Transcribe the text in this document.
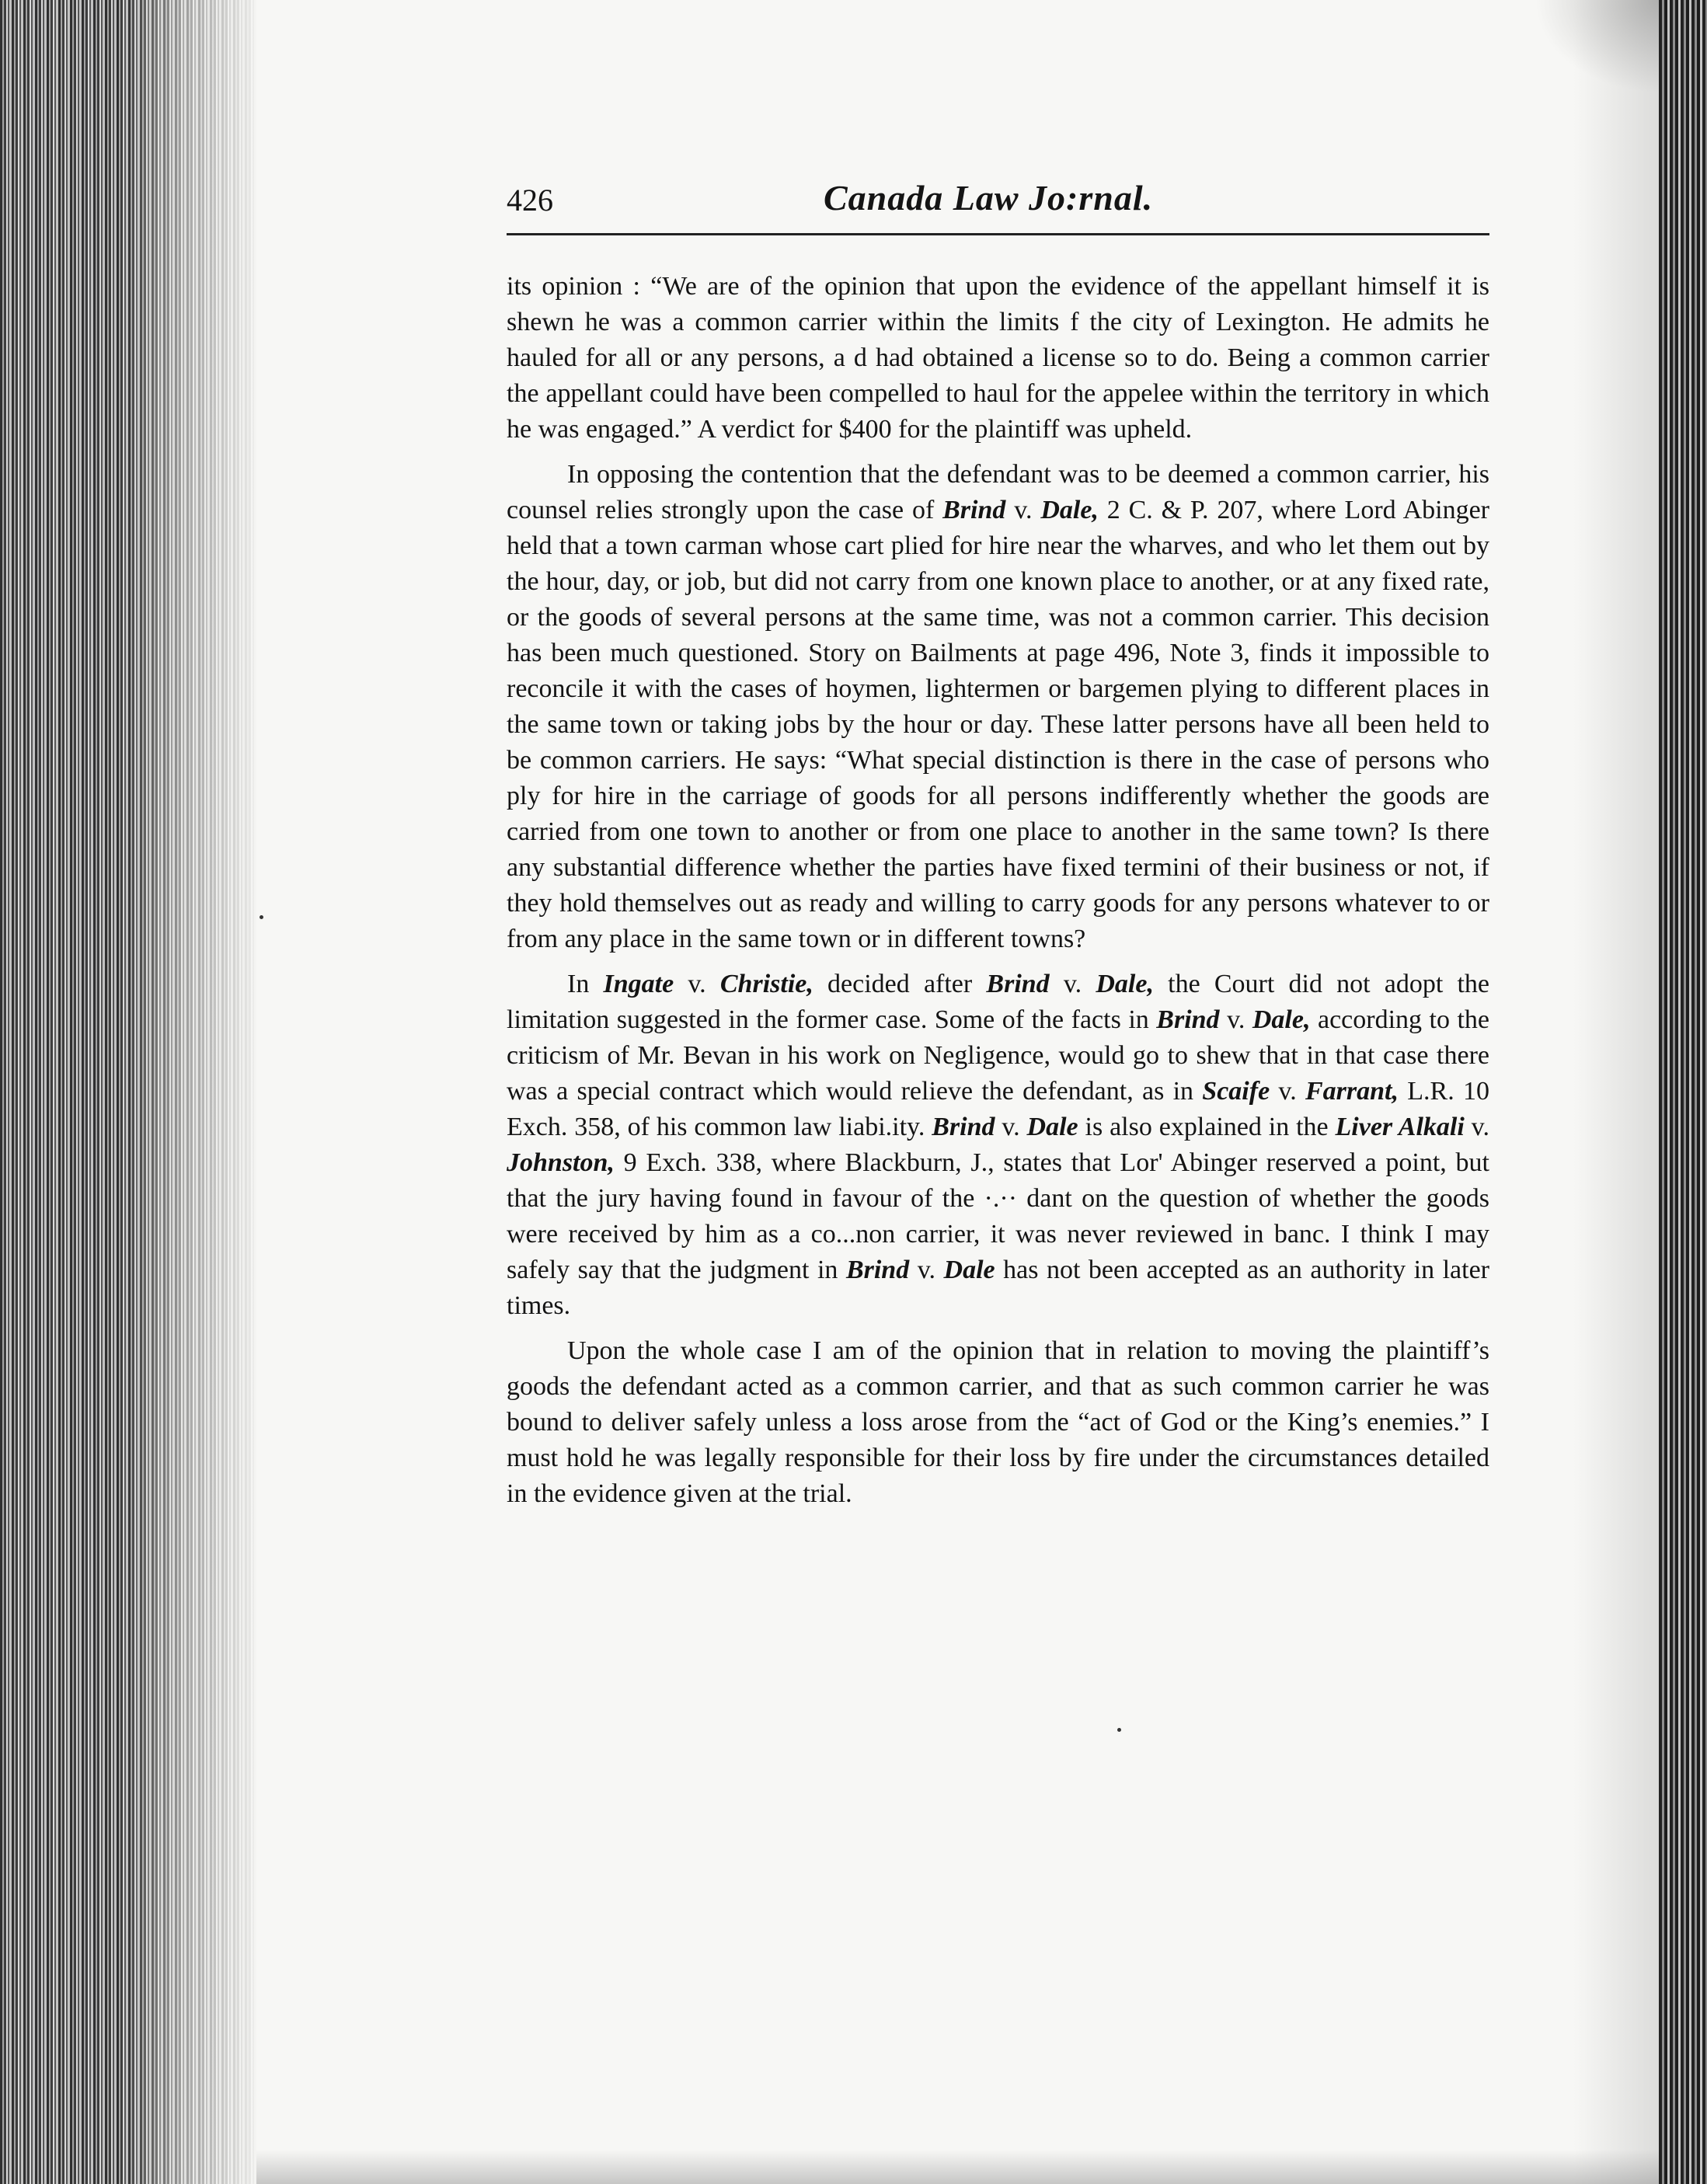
426	Canada Law Jo:rnal.

its opinion : “We are of the opinion that upon the evidence of the appellant himself it is shewn he was a common carrier within the limits f the city of Lexington. He admits he hauled for all or any persons, a d had obtained a license so to do. Being a common carrier the appellant could have been compelled to haul for the appelee within the territory in which he was engaged.” A verdict for $400 for the plaintiff was upheld.

In opposing the contention that the defendant was to be deemed a common carrier, his counsel relies strongly upon the case of Brind v. Dale, 2 C. & P. 207, where Lord Abinger held that a town carman whose cart plied for hire near the wharves, and who let them out by the hour, day, or job, but did not carry from one known place to another, or at any fixed rate, or the goods of several persons at the same time, was not a common carrier. This decision has been much questioned. Story on Bailments at page 496, Note 3, finds it impossible to reconcile it with the cases of hoymen, lightermen or bargemen plying to different places in the same town or taking jobs by the hour or day. These latter persons have all been held to be common carriers. He says: “What special distinction is there in the case of persons who ply for hire in the carriage of goods for all persons indifferently whether the goods are carried from one town to another or from one place to another in the same town? Is there any substantial difference whether the parties have fixed termini of their business or not, if they hold themselves out as ready and willing to carry goods for any persons whatever to or from any place in the same town or in different towns?

In Ingate v. Christie, decided after Brind v. Dale, the Court did not adopt the limitation suggested in the former case. Some of the facts in Brind v. Dale, according to the criticism of Mr. Bevan in his work on Negligence, would go to shew that in that case there was a special contract which would relieve the defendant, as in Scaife v. Farrant, L.R. 10 Exch. 358, of his common law liabi.ity. Brind v. Dale is also explained in the Liver Alkali v. Johnston, 9 Exch. 338, where Blackburn, J., states that Lor' Abinger reserved a point, but that the jury having found in favour of the ·.·· dant on the question of whether the goods were received by him as a co...non carrier, it was never reviewed in banc. I think I may safely say that the judgment in Brind v. Dale has not been accepted as an authority in later times.

Upon the whole case I am of the opinion that in relation to moving the plaintiff’s goods the defendant acted as a common carrier, and that as such common carrier he was bound to deliver safely unless a loss arose from the “act of God or the King’s enemies.” I must hold he was legally responsible for their loss by fire under the circumstances detailed in the evidence given at the trial.
